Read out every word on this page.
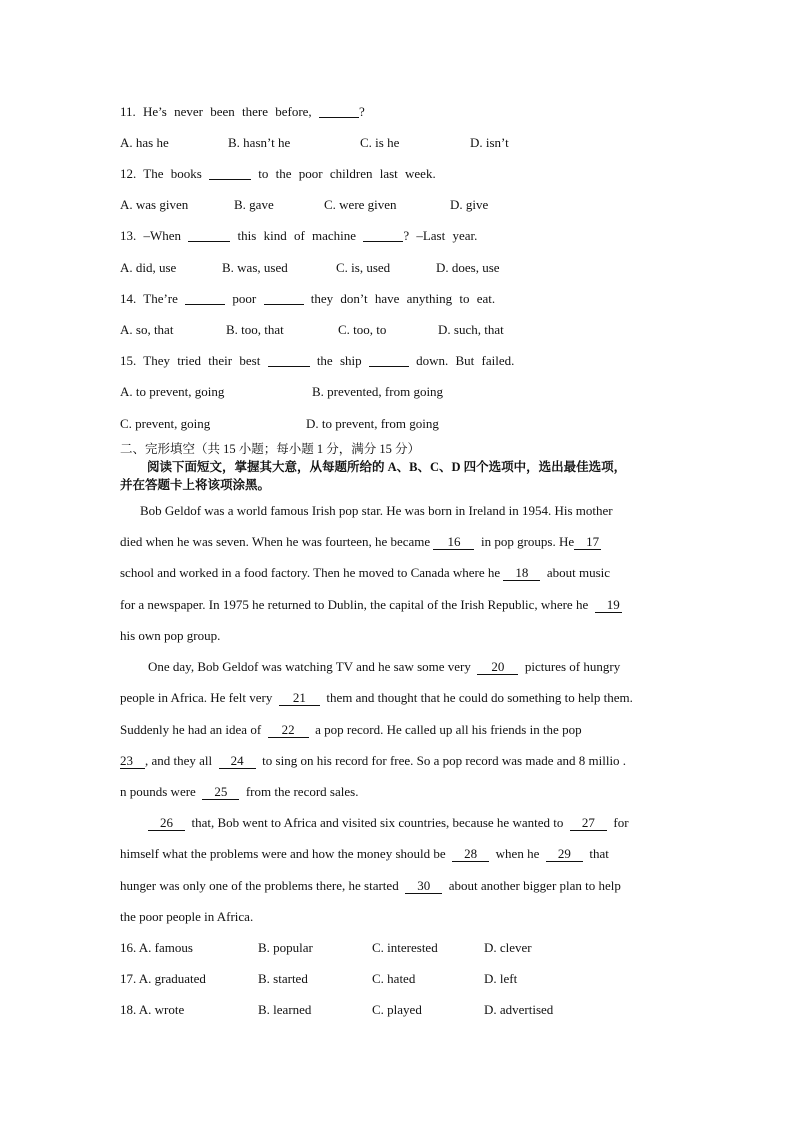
11. He’s never been there before,	?
A. has he	B. hasn’t he	C. is he	D. isn’t
12. The books	to the poor children last week.
A. was given	B. gave	C. were given	D. give
13. –When	this kind of machine	? –Last year.
A. did, use	B. was, used	C. is, used	D. does, use
14. The’re	poor	they don’t have anything to eat.
A. so, that	B. too, that	C. too, to	D. such, that
15. They tried their best	the ship	down. But failed.
A. to prevent, going	B. prevented, from going
C. prevent, going	D. to prevent, from going
二、完形填空（共 15 小题；每小题 1 分，满分 15 分）
阅读下面短文，掌握其大意，从每题所给的 A、B、C、D 四个选项中，选出最佳选项，
并在答题卡上将该项涂黑。
Bob Geldof was a world famous Irish pop star. He was born in Ireland in 1954. His mother
died when he was seven. When he was fourteen, he became 16 in pop groups. He 17
school and worked in a food factory. Then he moved to Canada where he 18 about music
for a newspaper. In 1975 he returned to Dublin, the capital of the Irish Republic, where he 19
his own pop group.
One day, Bob Geldof was watching TV and he saw some very 20 pictures of hungry
people in Africa. He felt very 21 them and thought that he could do something to help them.
Suddenly he had an idea of 22 a pop record. He called up all his friends in the pop
23 , and they all 24 to sing on his record for free. So a pop record was made and 8 millio .
n pounds were 25 from the record sales.
26 that, Bob went to Africa and visited six countries, because he wanted to 27 for
himself what the problems were and how the money should be 28 when he 29 that
hunger was only one of the problems there, he started 30 about another bigger plan to help
the poor people in Africa.
16. A. famous	B. popular	C. interested	D. clever
17. A. graduated	B. started	C. hated	D. left
18. A. wrote	B. learned	C. played	D. advertised
